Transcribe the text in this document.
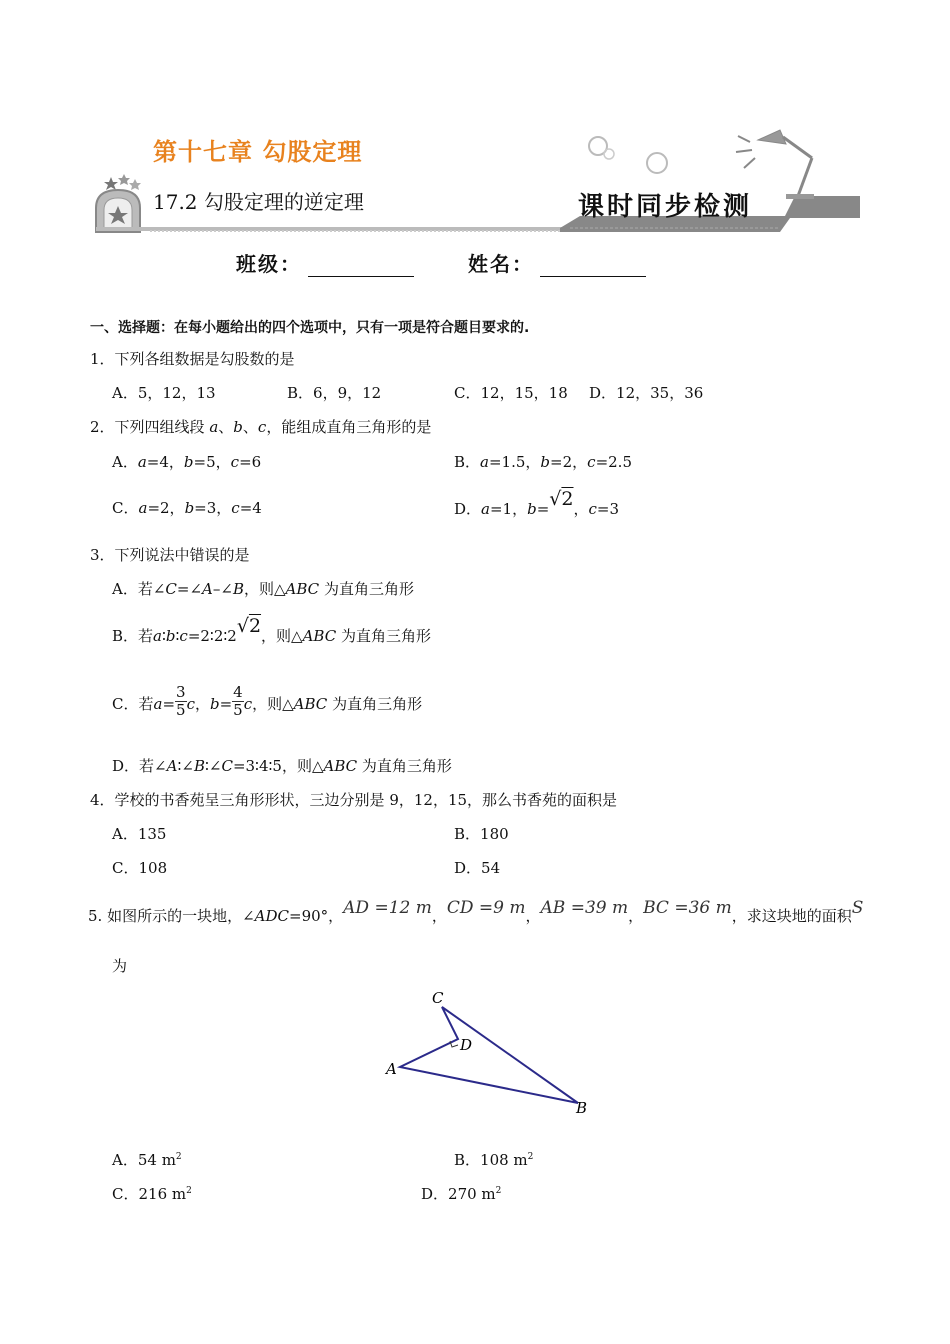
第十七章 勾股定理
17.2 勾股定理的逆定理	课时同步检测
班级：	姓名：
一、选择题：在每小题给出的四个选项中，只有一项是符合题目要求的.
1．下列各组数据是勾股数的是
A．5，12，13	B．6，9，12	C．12，15，18 D．12，35，36
2．下列四组线段 a、b、c，能组成直角三角形的是
A．a=4，b=5，c=6	B．a=1.5，b=2，c=2.5
C．a=2，b=3，c=4	D．a=1，b=√2，c=3
3．下列说法中错误的是
A．若∠C=∠A–∠B，则△ABC 为直角三角形
B．若a∶b∶c=2∶2∶2√2，则△ABC 为直角三角形
C．若$a= \frac{3}{5}$ c，$b= \frac{4}{5}$ c，则△ABC 为直角三角形
D．若∠A∶∠B∶∠C=3∶4∶5，则△ABC 为直角三角形
4．学校的书香苑呈三角形形状，三边分别是 9，12，15，那么书香苑的面积是
A．135	B．180
C．108	D．54
5. 如图所示的一块地，∠ADC=90°，AD =12 m，CD =9 m，AB =39 m，BC =36 m，求这块地的面积S
为
C
D
A
B
A．54 $m^2$	B．108 $m^2$
C．216 $m^2$	D．270 $m^2$
